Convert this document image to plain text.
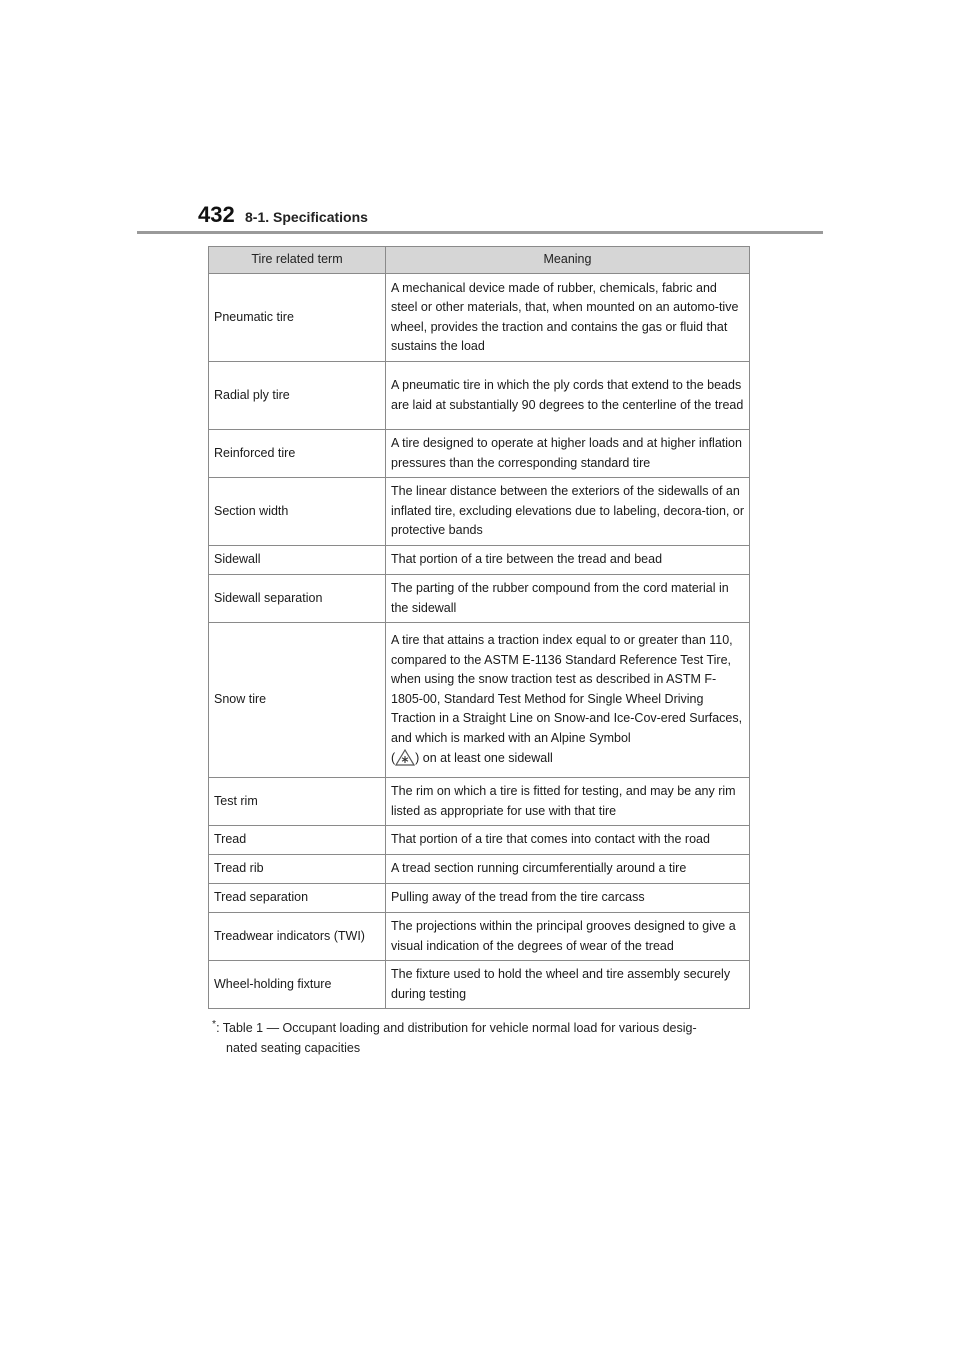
432 8-1. Specifications
Tire related term	Meaning
Pneumatic tire	A mechanical device made of rubber, chemicals, fabric and steel or other materials, that, when mounted on an automo-tive wheel, provides the traction and contains the gas or fluid that sustains the load
Radial ply tire	A pneumatic tire in which the ply cords that extend to the beads are laid at substantially 90 degrees to the centerline of the tread
Reinforced tire	A tire designed to operate at higher loads and at higher inflation pressures than the corresponding standard tire
Section width	The linear distance between the exteriors of the sidewalls of an inflated tire, excluding elevations due to labeling, decora-tion, or protective bands
Sidewall	That portion of a tire between the tread and bead
Sidewall separation	The parting of the rubber compound from the cord material in the sidewall
Snow tire	A tire that attains a traction index equal to or greater than 110, compared to the ASTM E-1136 Standard Reference Test Tire, when using the snow traction test as described in ASTM F-1805-00, Standard Test Method for Single Wheel Driving Traction in a Straight Line on Snow-and Ice-Cov-ered Surfaces, and which is marked with an Alpine Symbol
( ) on at least one sidewall
Test rim	The rim on which a tire is fitted for testing, and may be any rim listed as appropriate for use with that tire
Tread	That portion of a tire that comes into contact with the road
Tread rib	A tread section running circumferentially around a tire
Tread separation	Pulling away of the tread from the tire carcass
Treadwear indicators (TWI)	The projections within the principal grooves designed to give a visual indication of the degrees of wear of the tread
Wheel-holding fixture	The fixture used to hold the wheel and tire assembly securely during testing
*: Table 1 — Occupant loading and distribution for vehicle normal load for various desig-
nated seating capacities
